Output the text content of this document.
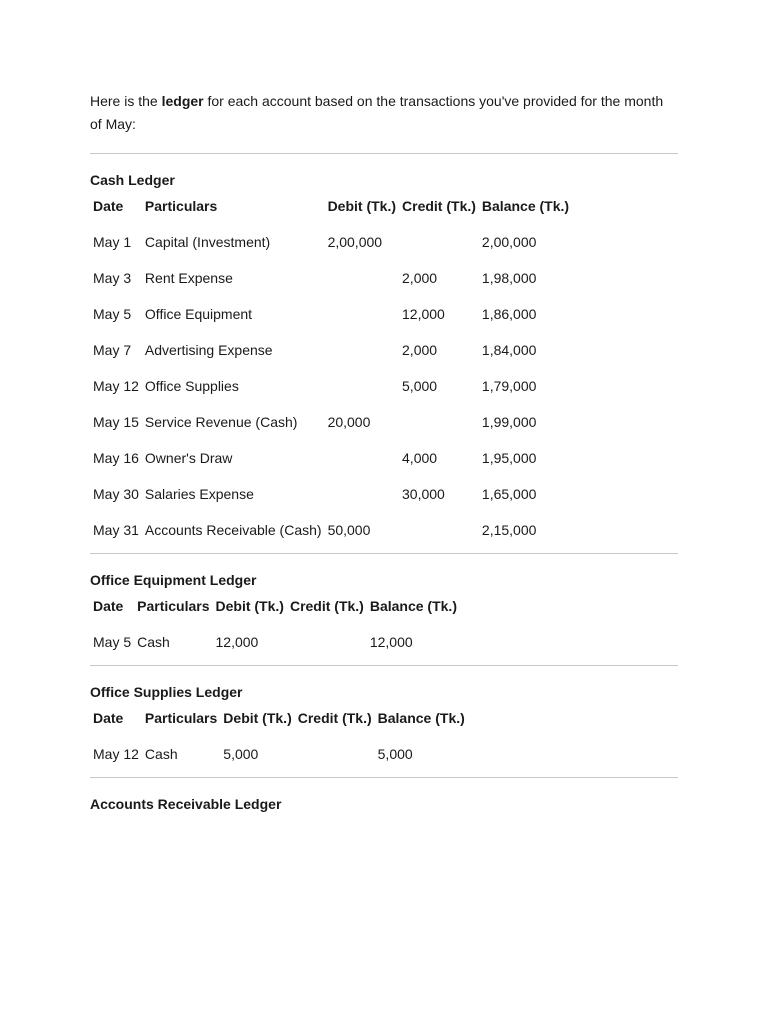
Here is the ledger for each account based on the transactions you've provided for the month of May:

Cash Ledger
Date	Particulars	Debit (Tk.)	Credit (Tk.)	Balance (Tk.)
May 1	Capital (Investment)	2,00,000		2,00,000
May 3	Rent Expense		2,000	1,98,000
May 5	Office Equipment		12,000	1,86,000
May 7	Advertising Expense		2,000	1,84,000
May 12	Office Supplies		5,000	1,79,000
May 15	Service Revenue (Cash)	20,000		1,99,000
May 16	Owner's Draw		4,000	1,95,000
May 30	Salaries Expense		30,000	1,65,000
May 31	Accounts Receivable (Cash)	50,000		2,15,000
Office Equipment Ledger
Date	Particulars	Debit (Tk.)	Credit (Tk.)	Balance (Tk.)
May 5	Cash	12,000		12,000
Office Supplies Ledger
Date	Particulars	Debit (Tk.)	Credit (Tk.)	Balance (Tk.)
May 12	Cash	5,000		5,000
Accounts Receivable Ledger
